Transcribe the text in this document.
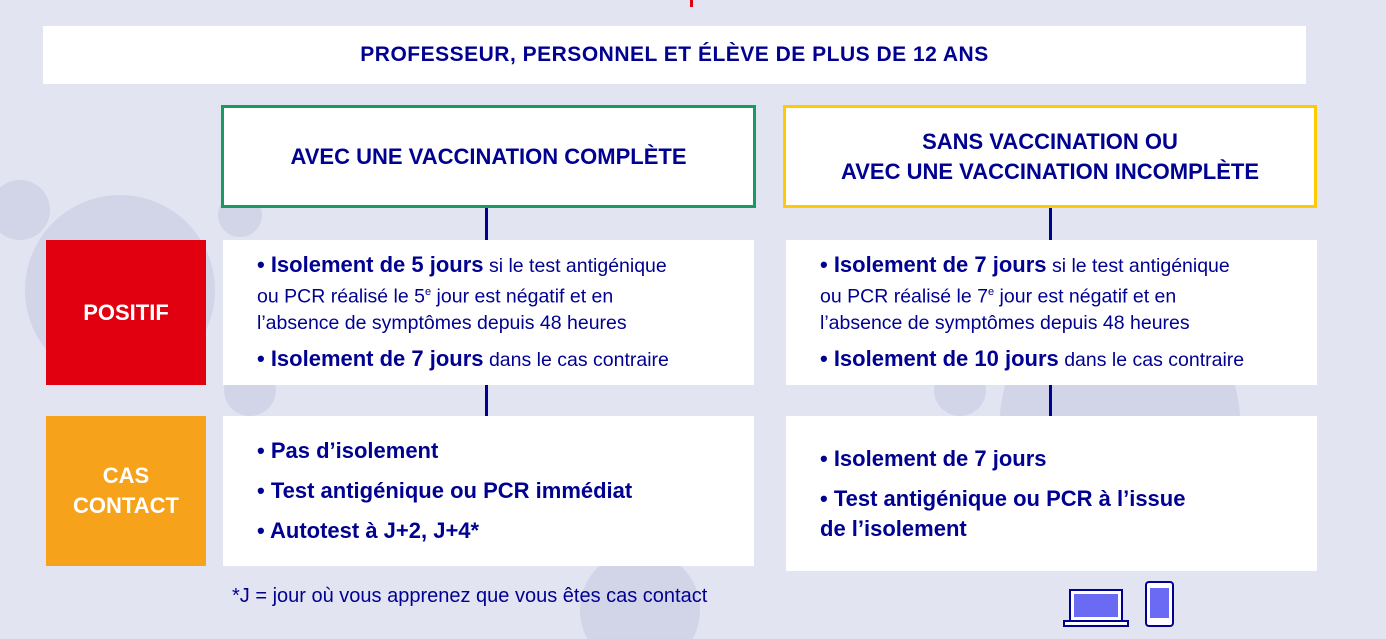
PROFESSEUR, PERSONNEL ET ÉLÈVE DE PLUS DE 12 ANS
AVEC UNE VACCINATION COMPLÈTE
SANS VACCINATION OU
AVEC UNE VACCINATION INCOMPLÈTE
POSITIF
CAS
CONTACT

• Isolement de 5 jours si le test antigénique

ou PCR réalisé le 5e jour est négatif et en

l’absence de symptômes depuis 48 heures

• Isolement de 7 jours dans le cas contraire

• Isolement de 7 jours si le test antigénique

ou PCR réalisé le 7e jour est négatif et en

l’absence de symptômes depuis 48 heures

• Isolement de 10 jours dans le cas contraire

• Pas d’isolement

• Test antigénique ou PCR immédiat

• Autotest à J+2, J+4*

• Isolement de 7 jours

• Test antigénique ou PCR à l’issue

de l’isolement

*J = jour où vous apprenez que vous êtes cas contact
